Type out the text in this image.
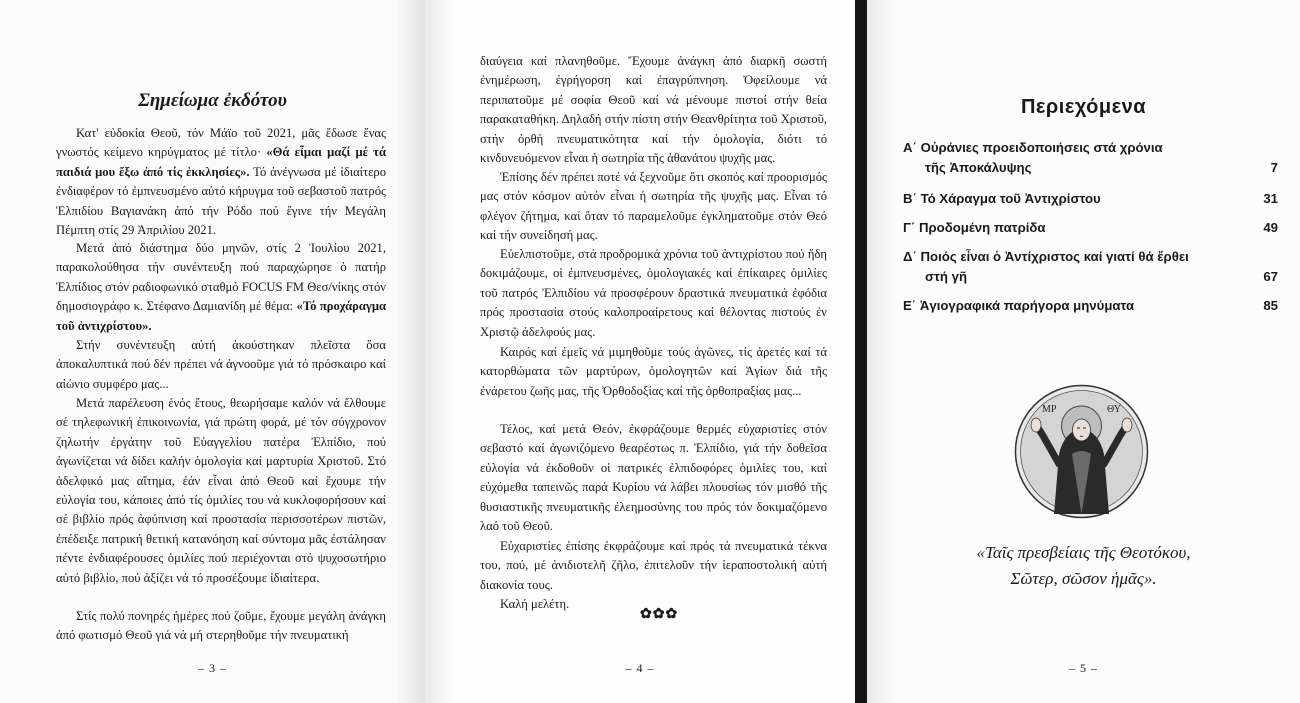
Σημείωμα ἐκδότου

Κατ' εὐδοκία Θεοῦ, τόν Μάϊο τοῦ 2021, μᾶς ἔδωσε ἕνας γνωστός κείμενο κηρύγματος μέ τίτλο· «Θά εἶμαι μαζί μέ τά παιδιά μου ἔξω ἀπό τίς ἐκκλησίες». Τό ἀνέγνωσα μέ ἰδιαίτερο ἐνδιαφέρον τό ἐμπνευσμένο αὐτό κήρυγμα τοῦ σεβαστοῦ πατρός Ἐλπιδίου Βαγιανάκη ἀπό τήν Ρόδο πού ἔγινε τήν Μεγάλη Πέμπτη στίς 29 Ἀπριλίου 2021.

Μετά ἀπό διάστημα δύο μηνῶν, στίς 2 Ἰουλίου 2021, παρακολούθησα τήν συνέντευξη πού παραχώρησε ὁ πατήρ Ἐλπίδιος στόν ραδιοφωνικό σταθμό FOCUS FM Θεσ/νίκης στόν δημοσιογράφο κ. Στέφανο Δαμιανίδη μέ θέμα: «Τό προχάραγμα τοῦ ἀντιχρίστου».

Στήν συνέντευξη αὐτή ἀκούστηκαν πλεῖστα ὅσα ἀποκαλυπτικά πού δέν πρέπει νά ἀγνοοῦμε γιά τό πρόσκαιρο καί αἰώνιο συμφέρο μας...

Μετά παρέλευση ἑνός ἔτους, θεωρήσαμε καλόν νά ἔλθουμε σέ τηλεφωνική ἐπικοινωνία, γιά πρώτη φορά, μέ τόν σύγχρονον ζηλωτήν ἐργάτην τοῦ Εὐαγγελίου πατέρα Ἐλπίδιο, πού ἀγωνίζεται νά δίδει καλήν ὁμολογία καί μαρτυρία Χριστοῦ. Στό ἀδελφικό μας αἴτημα, ἐάν εἶναι ἀπό Θεοῦ καί ἔχουμε τήν εὐλογία του, κάποιες ἀπό τίς ὁμιλίες του νά κυκλοφορήσουν καί σέ βιβλίο πρός ἀφύπνιση καί προστασία περισσοτέρων πιστῶν, ἐπέδειξε πατρική θετική κατανόηση καί σύντομα μᾶς ἐστάλησαν πέντε ἐνδιαφέρουσες ὁμιλίες πού περιέχονται στό ψυχοσωτήριο αὐτό βιβλίο, πού ἀξίζει νά τό προσέξουμε ἰδιαίτερα.

Στίς πολύ πονηρές ἡμέρες πού ζοῦμε, ἔχουμε μεγάλη ἀνάγκη ἀπό φωτισμό Θεοῦ γιά νά μή στερηθοῦμε τήν πνευματική

– 3 –

διαύγεια καί πλανηθοῦμε. Ἔχουμε ἀνάγκη ἀπό διαρκῆ σωστή ἐνημέρωση, ἐγρήγορση καί ἐπαγρύπνηση. Ὀφείλουμε νά περιπατοῦμε μέ σοφία Θεοῦ καί νά μένουμε πιστοί στήν θεία παρακαταθήκη. Δηλαδή στήν πίστη στήν Θεανθρίτητα τοῦ Χριστοῦ, στήν ὀρθή πνευματικότητα καί τήν ὁμολογία, διότι τό κινδυνευόμενον εἶναι ἡ σωτηρία τῆς ἀθανάτου ψυχῆς μας.

Ἐπίσης δέν πρέπει ποτέ νά ξεχνοῦμε ὅτι σκοπός καί προορισμός μας στόν κόσμον αὐτόν εἶναι ἡ σωτηρία τῆς ψυχῆς μας. Εἶναι τό φλέγον ζήτημα, καί ὅταν τό παραμελοῦμε ἐγκληματοῦμε στόν Θεό καί τήν συνείδησή μας.

Εὐελπιστοῦμε, στά προδρομικά χρόνια τοῦ ἀντιχρίστου πού ἤδη δοκιμάζουμε, οἱ ἐμπνευσμένες, ὁμολογιακές καί ἐπίκαιρες ὁμιλίες τοῦ πατρός Ἐλπιδίου νά προσφέρουν δραστικά πνευματικά ἐφόδια πρός προστασία στούς καλοπροαίρετους καί θέλοντας πιστούς ἐν Χριστῷ ἀδελφούς μας.

Καιρός καί ἐμεῖς νά μιμηθοῦμε τούς ἀγῶνες, τίς ἀρετές καί τά κατορθώματα τῶν μαρτύρων, ὁμολογητῶν καί Ἁγίων διά τῆς ἐνάρετου ζωῆς μας, τῆς Ὀρθοδοξίας καί τῆς ὀρθοπραξίας μας...

Τέλος, καί μετά Θεόν, ἐκφράζουμε θερμές εὐχαριστίες στόν σεβαστό καί ἀγωνιζόμενο θεαρέστως π. Ἐλπίδιο, γιά τήν δοθεῖσα εὐλογία νά ἐκδοθοῦν οἱ πατρικές ἐλπιδοφόρες ὁμιλίες του, καί εὐχόμεθα ταπεινῶς παρά Κυρίου νά λάβει πλουσίως τόν μισθό τῆς θυσιαστικῆς πνευματικῆς ἐλεημοσύνης του πρός τόν δοκιμαζόμενο λαό τοῦ Θεοῦ.

Εὐχαριστίες ἐπίσης ἐκφράζουμε καί πρός τά πνευματικά τέκνα του, πού, μέ ἀνιδιοτελῆ ζῆλο, ἐπιτελοῦν τήν ἱεραποστολική αὐτή διακονία τους.

Καλή μελέτη.

– 4 –
✿✿✿
Περιεχόμενα
Α΄ Οὐράνιες προειδοποιήσεις στά χρόνια
τῆς Ἀποκάλυψης	7
Β΄ Τό Χάραγμα τοῦ Ἀντιχρίστου	31
Γ΄ Προδομένη πατρίδα	49
Δ΄ Ποιός εἶναι ὁ Ἀντίχριστος καί γιατί θά ἔρθει
στή γῆ	67
Ε΄ Ἁγιογραφικά παρήγορα μηνύματα	85
ΜΡ	ΘΥ
«Ταῖς πρεσβείαις τῆς Θεοτόκου,
Σῶτερ, σῶσον ἡμᾶς».
– 5 –
